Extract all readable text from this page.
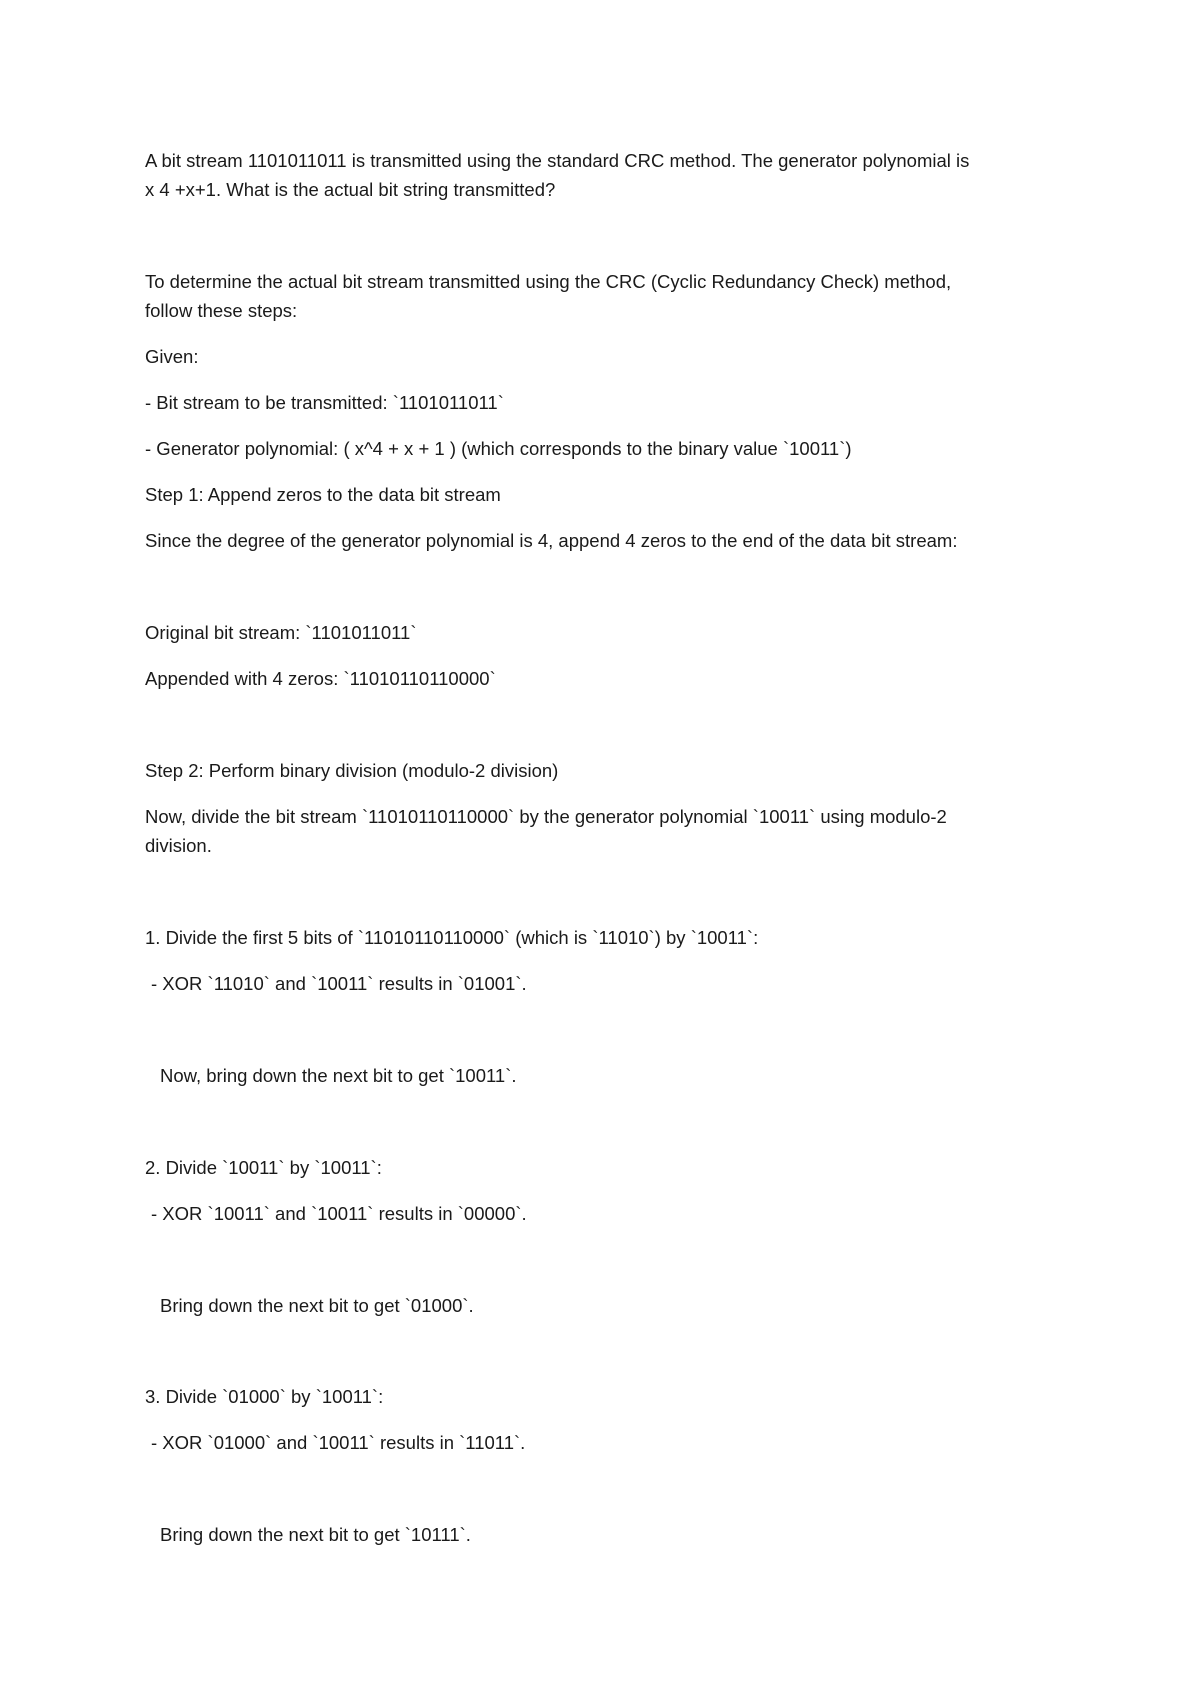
A bit stream 1101011011 is transmitted using the standard CRC method. The generator polynomial is

x 4 +x+1. What is the actual bit string transmitted?

To determine the actual bit stream transmitted using the CRC (Cyclic Redundancy Check) method,

follow these steps:

Given:

- Bit stream to be transmitted: `1101011011`

- Generator polynomial: ( x^4 + x + 1 ) (which corresponds to the binary value `10011`)

Step 1: Append zeros to the data bit stream

Since the degree of the generator polynomial is 4, append 4 zeros to the end of the data bit stream:

Original bit stream: `1101011011`

Appended with 4 zeros: `11010110110000`

Step 2: Perform binary division (modulo-2 division)

Now, divide the bit stream `11010110110000` by the generator polynomial `10011` using modulo-2

division.

1. Divide the first 5 bits of `11010110110000` (which is `11010`) by `10011`:

- XOR `11010` and `10011` results in `01001`.

Now, bring down the next bit to get `10011`.

2. Divide `10011` by `10011`:

- XOR `10011` and `10011` results in `00000`.

Bring down the next bit to get `01000`.

3. Divide `01000` by `10011`:

- XOR `01000` and `10011` results in `11011`.

Bring down the next bit to get `10111`.
